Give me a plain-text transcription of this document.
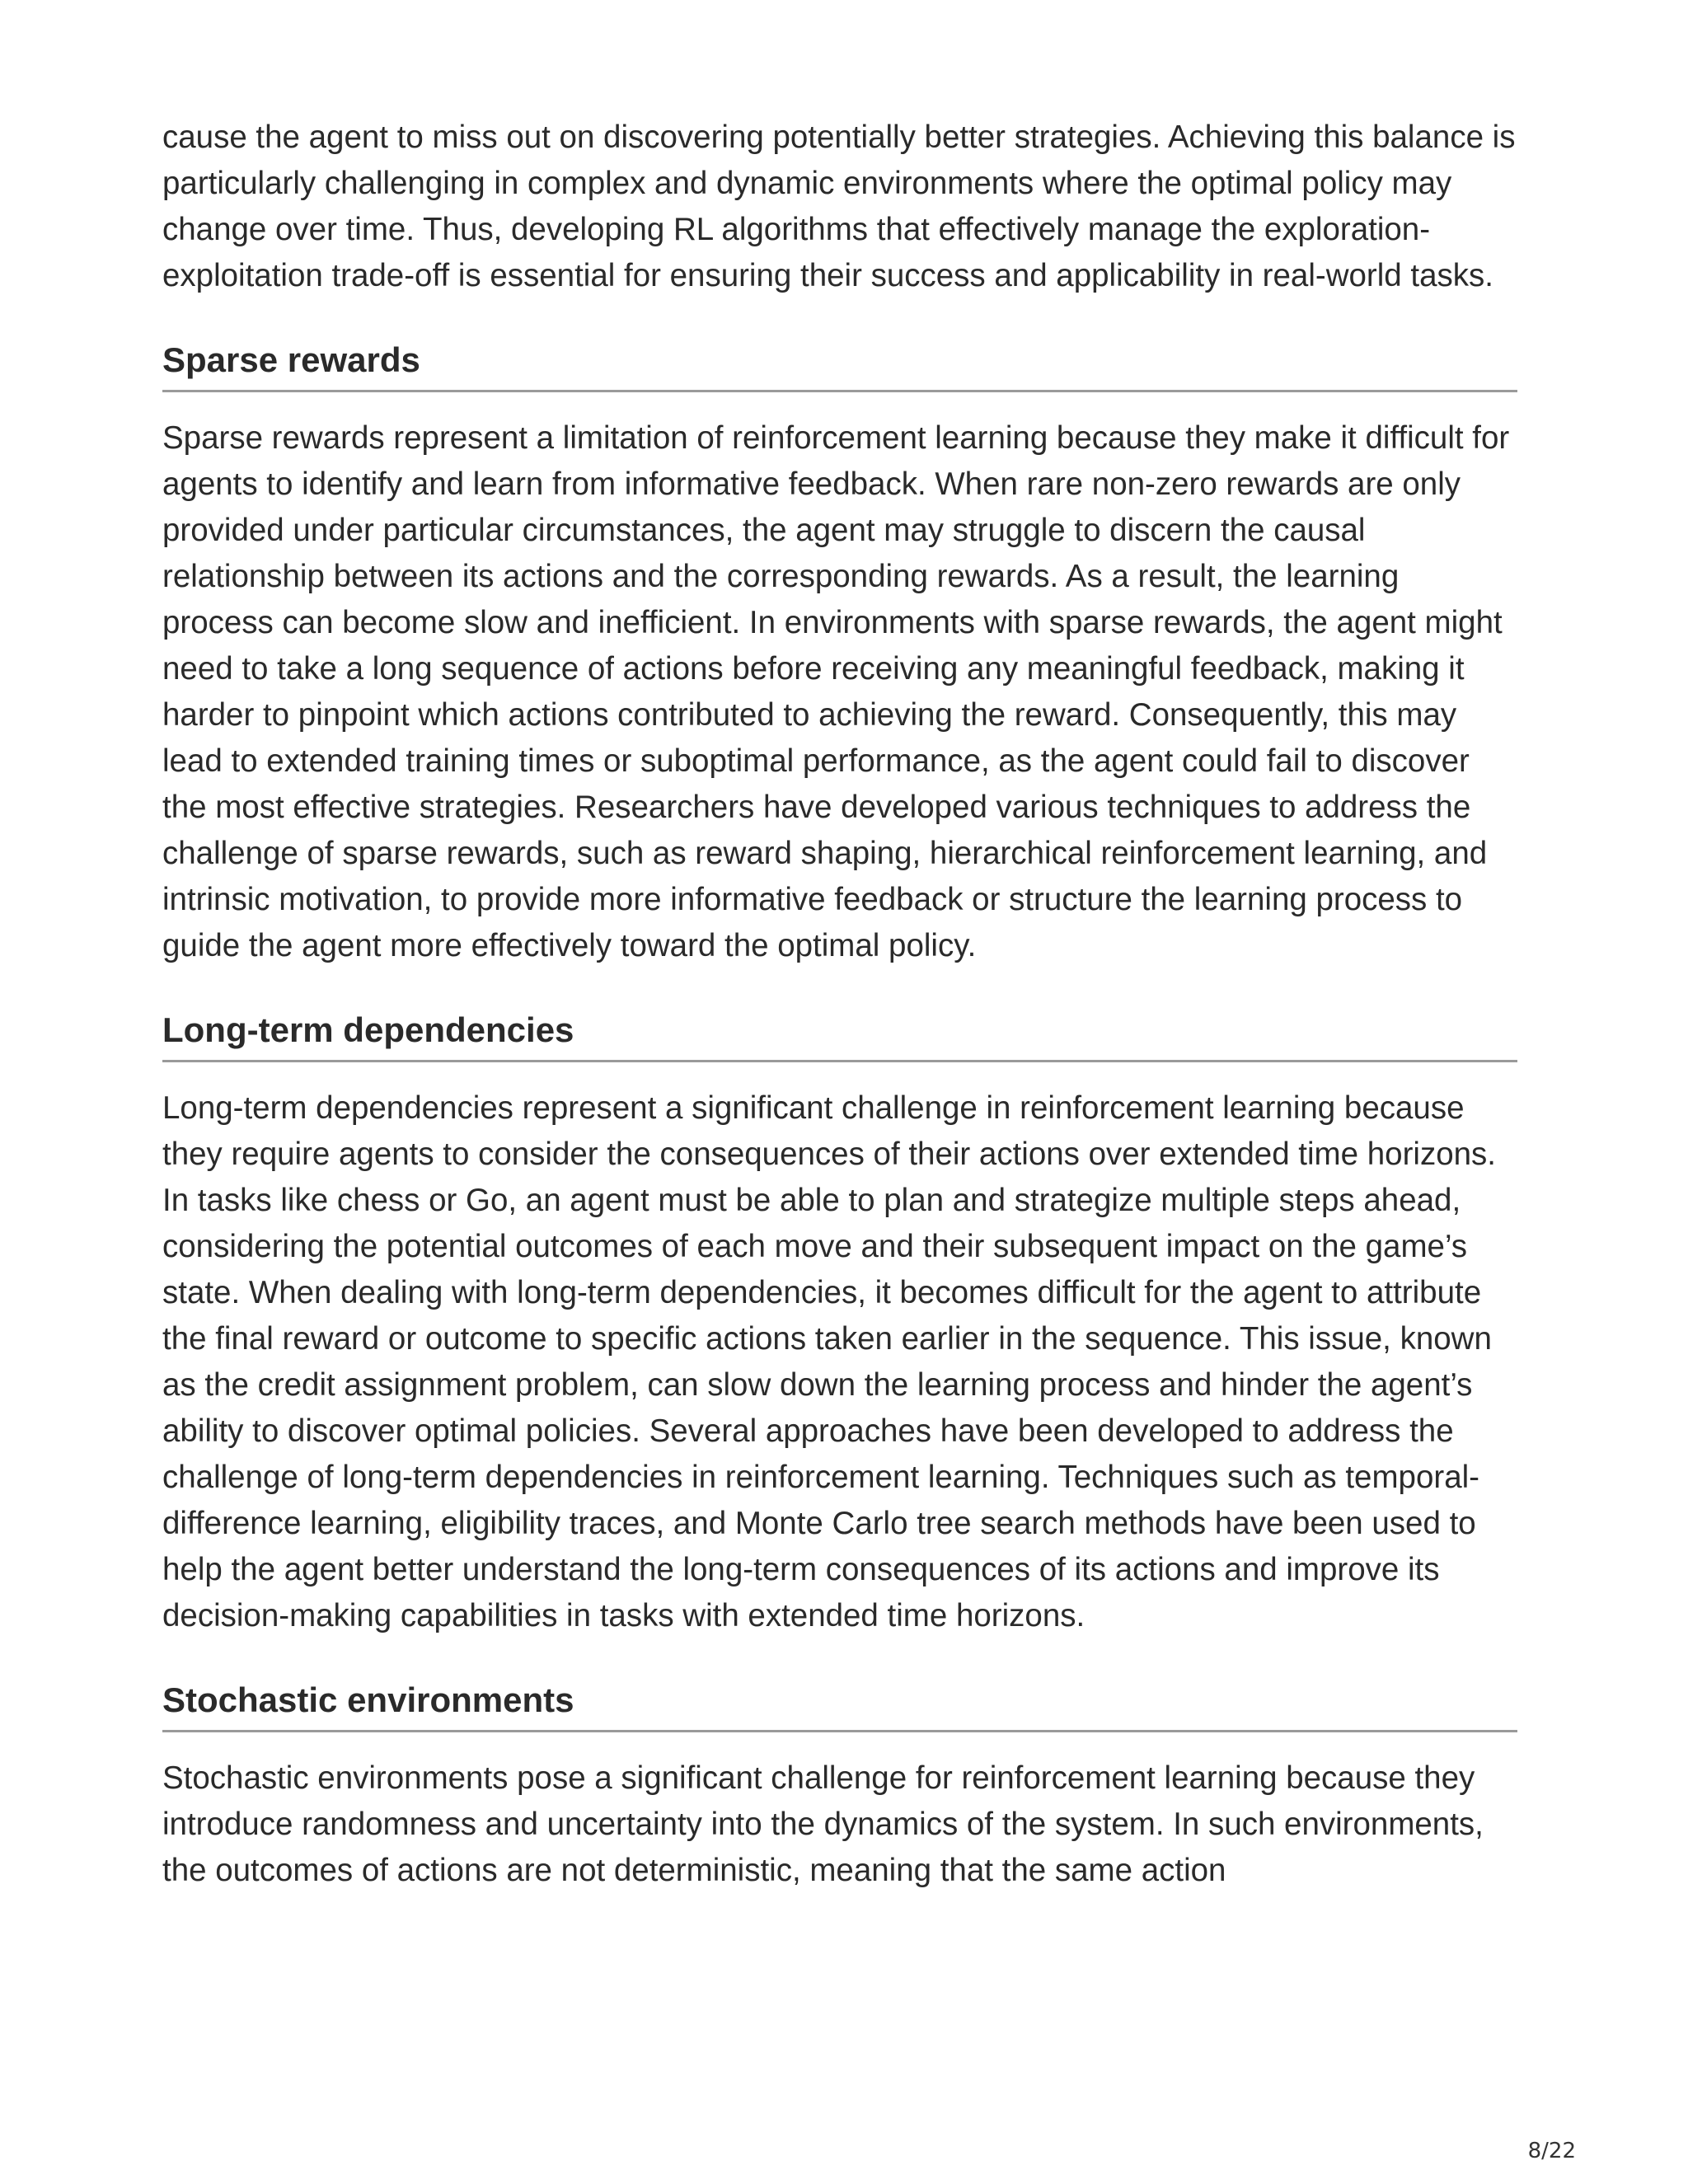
cause the agent to miss out on discovering potentially better strategies. Achieving this balance is particularly challenging in complex and dynamic environments where the optimal policy may change over time. Thus, developing RL algorithms that effectively manage the exploration-exploitation trade-off is essential for ensuring their success and applicability in real-world tasks.

Sparse rewards

Sparse rewards represent a limitation of reinforcement learning because they make it difficult for agents to identify and learn from informative feedback. When rare non-zero rewards are only provided under particular circumstances, the agent may struggle to discern the causal relationship between its actions and the corresponding rewards. As a result, the learning process can become slow and inefficient. In environments with sparse rewards, the agent might need to take a long sequence of actions before receiving any meaningful feedback, making it harder to pinpoint which actions contributed to achieving the reward. Consequently, this may lead to extended training times or suboptimal performance, as the agent could fail to discover the most effective strategies. Researchers have developed various techniques to address the challenge of sparse rewards, such as reward shaping, hierarchical reinforcement learning, and intrinsic motivation, to provide more informative feedback or structure the learning process to guide the agent more effectively toward the optimal policy.

Long-term dependencies

Long-term dependencies represent a significant challenge in reinforcement learning because they require agents to consider the consequences of their actions over extended time horizons. In tasks like chess or Go, an agent must be able to plan and strategize multiple steps ahead, considering the potential outcomes of each move and their subsequent impact on the game’s state. When dealing with long-term dependencies, it becomes difficult for the agent to attribute the final reward or outcome to specific actions taken earlier in the sequence. This issue, known as the credit assignment problem, can slow down the learning process and hinder the agent’s ability to discover optimal policies. Several approaches have been developed to address the challenge of long-term dependencies in reinforcement learning. Techniques such as temporal-difference learning, eligibility traces, and Monte Carlo tree search methods have been used to help the agent better understand the long-term consequences of its actions and improve its decision-making capabilities in tasks with extended time horizons.

Stochastic environments

Stochastic environments pose a significant challenge for reinforcement learning because they introduce randomness and uncertainty into the dynamics of the system. In such environments, the outcomes of actions are not deterministic, meaning that the same action

8/22
